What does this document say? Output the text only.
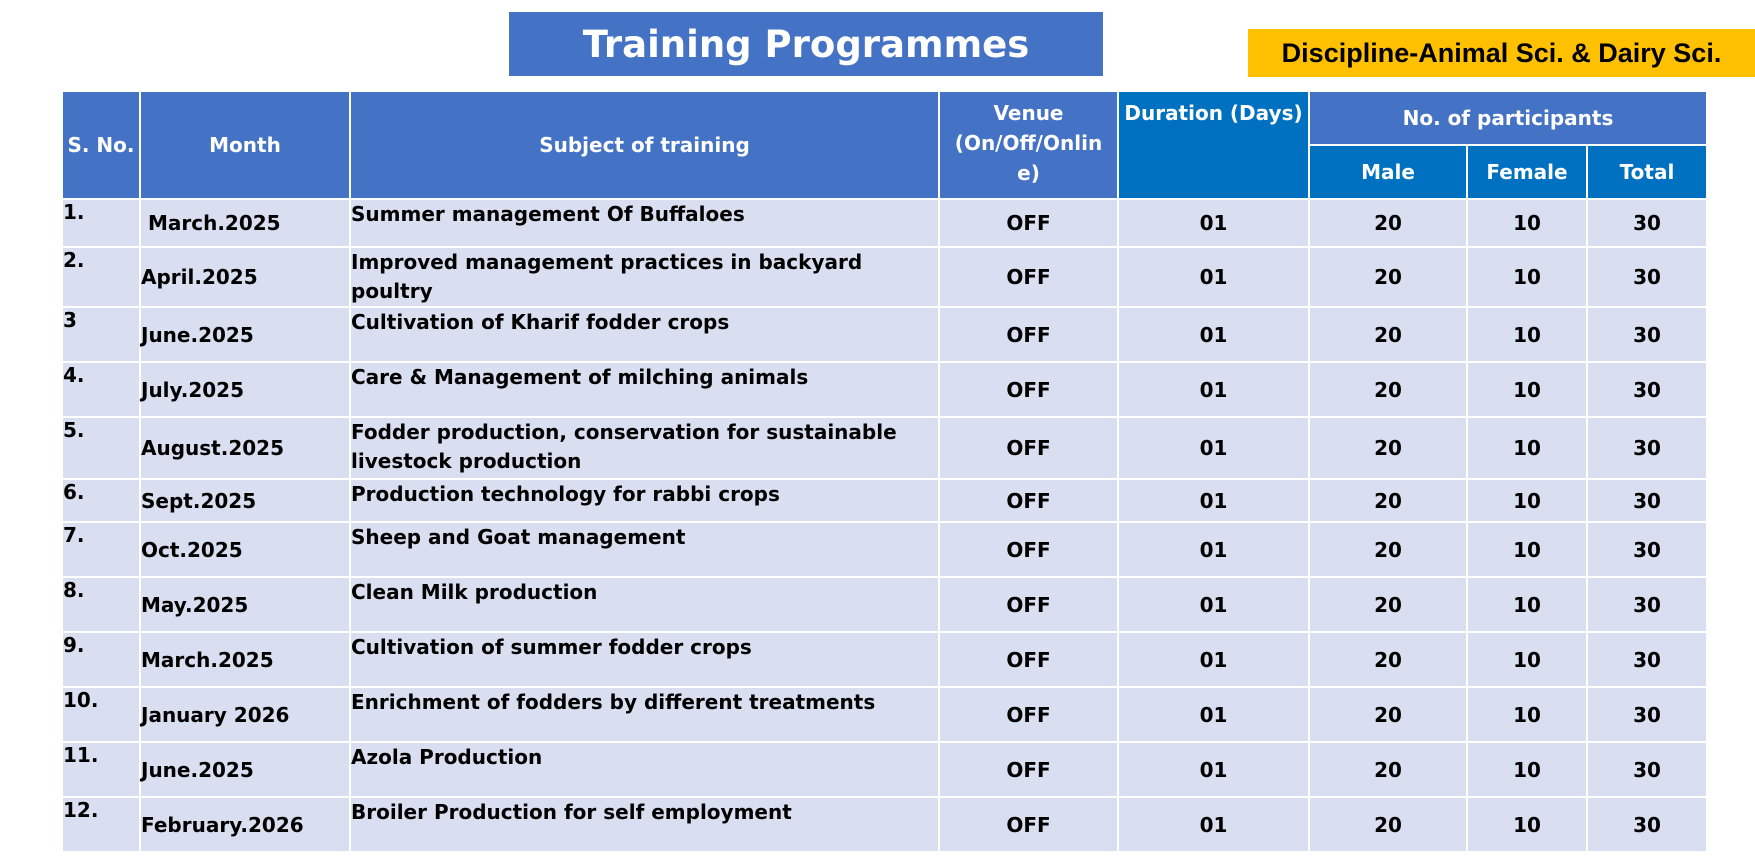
Training Programmes	Discipline-Animal Sci. & Dairy Sci.
S. No.	Month	Subject of training	Venue (On/Off/Onlin e)	Duration (Days)	No. of participants		
					Male	Female	Total
1.	March.2025	Summer management Of Buffaloes	OFF	01	20	10	30
2.	April.2025	Improved management practices in backyard poultry	OFF	01	20	10	30
3	June.2025	Cultivation of Kharif fodder crops	OFF	01	20	10	30
4.	July.2025	Care & Management of milching animals	OFF	01	20	10	30
5.	August.2025	Fodder production, conservation for sustainable livestock production	OFF	01	20	10	30
6.	Sept.2025	Production technology for rabbi crops	OFF	01	20	10	30
7.	Oct.2025	Sheep and Goat management	OFF	01	20	10	30
8.	May.2025	Clean Milk production	OFF	01	20	10	30
9.	March.2025	Cultivation of summer fodder crops	OFF	01	20	10	30
10.	January 2026	Enrichment of fodders by different treatments	OFF	01	20	10	30
11.	June.2025	Azola Production	OFF	01	20	10	30
12.	February.2026	Broiler Production for self employment	OFF	01	20	10	30
